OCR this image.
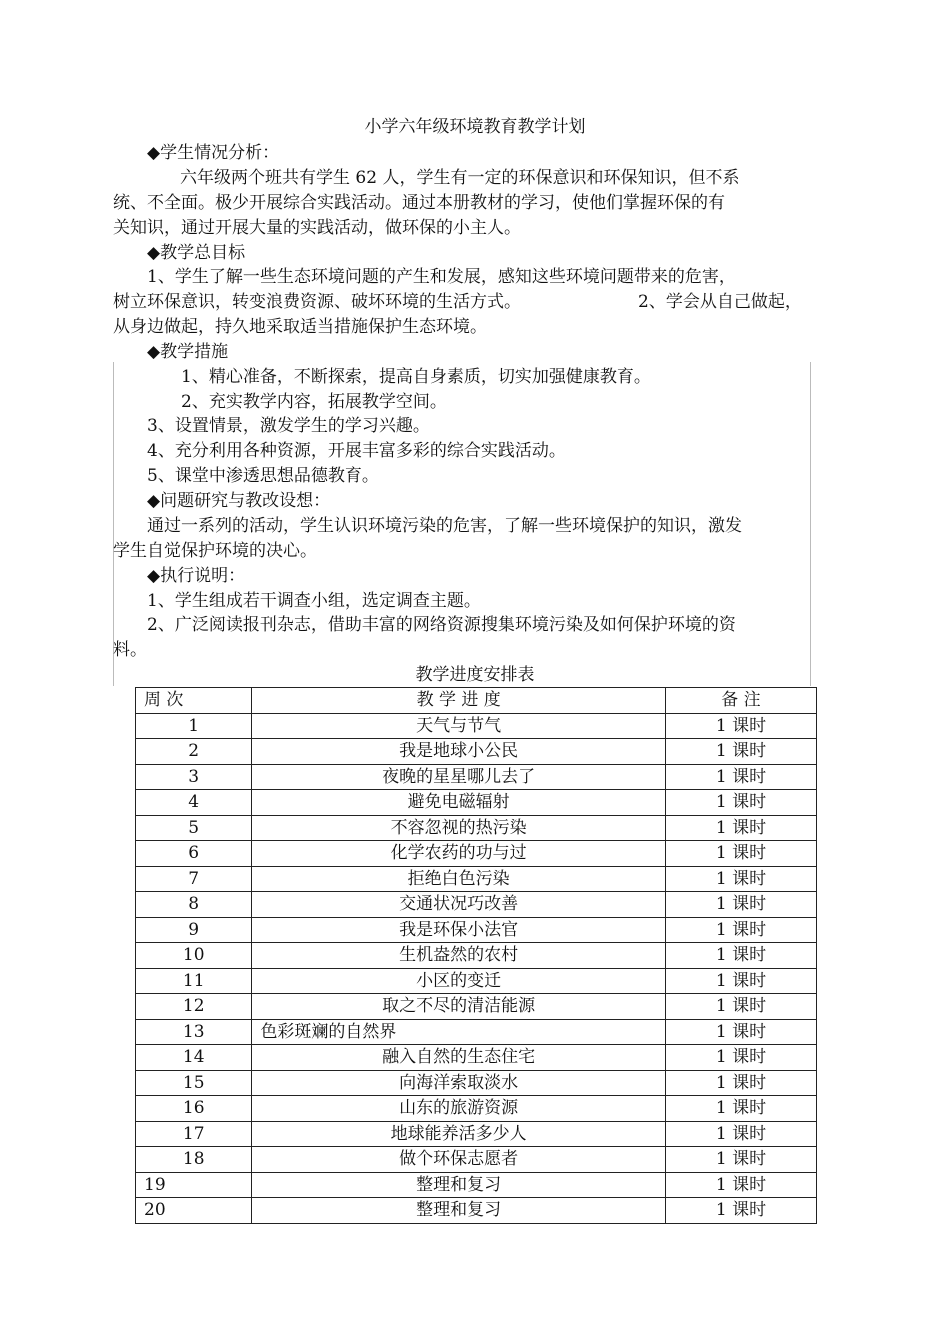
小学六年级环境教育教学计划
◆学生情况分析：
六年级两个班共有学生 62 人，学生有一定的环保意识和环保知识，但不系
统、不全面。极少开展综合实践活动。通过本册教材的学习，使他们掌握环保的有
关知识，通过开展大量的实践活动，做环保的小主人。
◆教学总目标
1、学生了解一些生态环境问题的产生和发展，感知这些环境问题带来的危害，
树立环保意识，转变浪费资源、破坏环境的生活方式。	2、学会从自己做起，
从身边做起，持久地采取适当措施保护生态环境。
◆教学措施
1、精心准备，不断探索，提高自身素质，切实加强健康教育。
2、充实教学内容，拓展教学空间。
3、设置情景，激发学生的学习兴趣。
4、充分利用各种资源，开展丰富多彩的综合实践活动。
5、课堂中渗透思想品德教育。
◆问题研究与教改设想：
通过一系列的活动，学生认识环境污染的危害，了解一些环境保护的知识，激发
学生自觉保护环境的决心。
◆执行说明：
1、学生组成若干调查小组，选定调查主题。
2、广泛阅读报刊杂志，借助丰富的网络资源搜集环境污染及如何保护环境的资
料。
教学进度安排表
周 次	教 学 进 度	备 注
1	天气与节气	1 课时
2	我是地球小公民	1 课时
3	夜晚的星星哪儿去了	1 课时
4	避免电磁辐射	1 课时
5	不容忽视的热污染	1 课时
6	化学农药的功与过	1 课时
7	拒绝白色污染	1 课时
8	交通状况巧改善	1 课时
9	我是环保小法官	1 课时
10	生机盎然的农村	1 课时
11	小区的变迁	1 课时
12	取之不尽的清洁能源	1 课时
13	色彩斑斓的自然界	1 课时
14	融入自然的生态住宅	1 课时
15	向海洋索取淡水	1 课时
16	山东的旅游资源	1 课时
17	地球能养活多少人	1 课时
18	做个环保志愿者	1 课时
19	整理和复习	1 课时
20	整理和复习	1 课时
